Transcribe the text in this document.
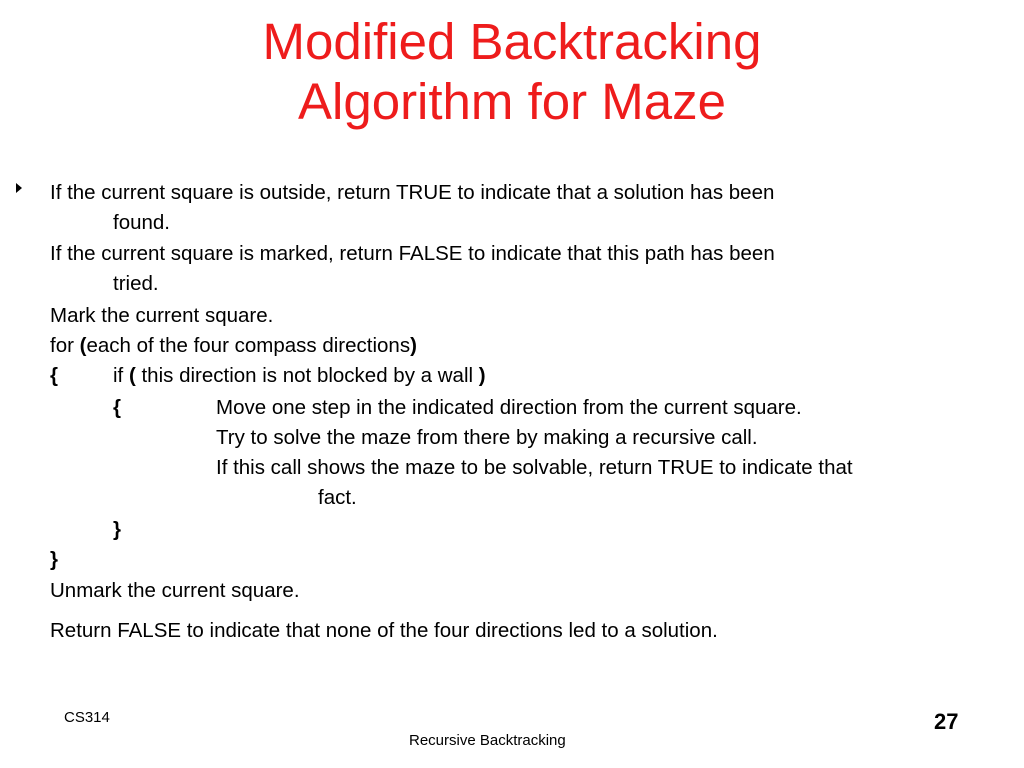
Modified Backtracking
Algorithm for Maze
If the current square is outside, return TRUE to indicate that a solution has been
found.
If the current square is marked, return FALSE to indicate that this path has been
tried.
Mark the current square.
for (each of the four compass directions)
{	if ( this direction is not blocked by a wall )
{	Move one step in the indicated direction from the current square.
Try to solve the maze from there by making a recursive call.
If this call shows the maze to be solvable, return TRUE to indicate that
fact.
}
}
Unmark the current square.
Return FALSE to indicate that none of the four directions led to a solution.
CS314
Recursive Backtracking
27
